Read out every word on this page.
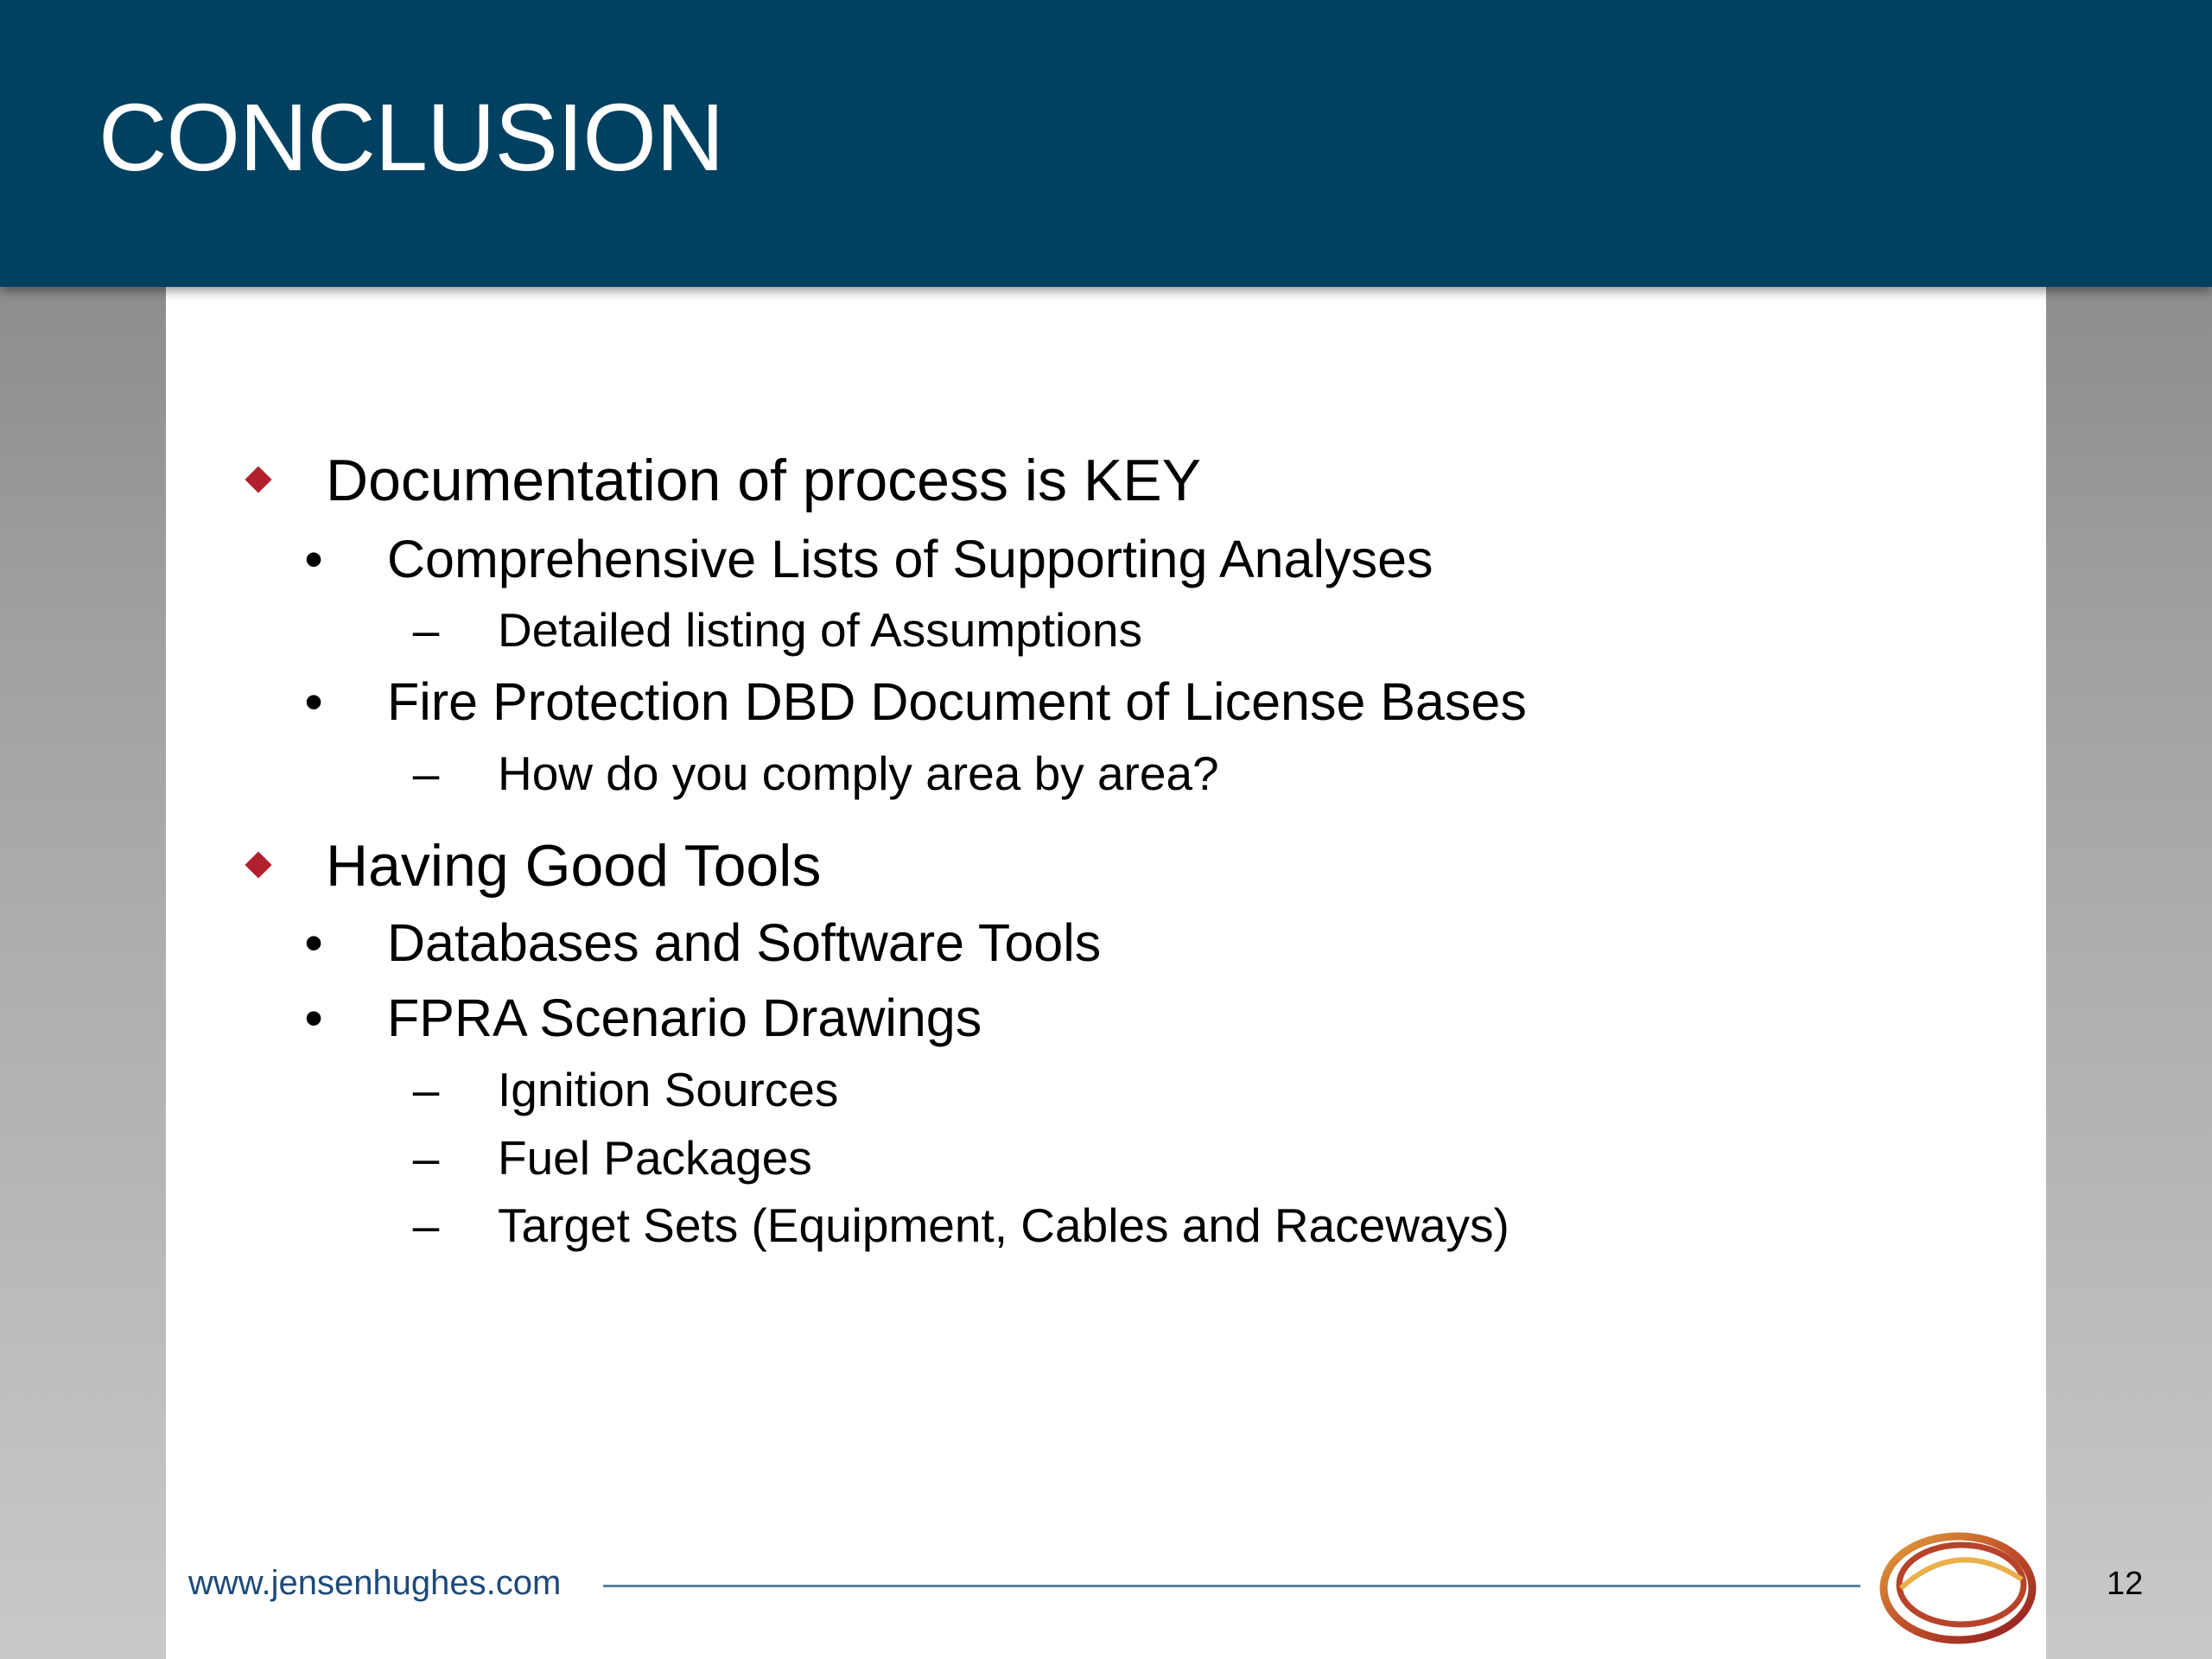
CONCLUSION
Documentation of process is KEY
• Comprehensive Lists of Supporting Analyses
– Detailed listing of Assumptions
• Fire Protection DBD Document of License Bases
– How do you comply area by area?
Having Good Tools
• Databases and Software Tools
• FPRA Scenario Drawings
– Ignition Sources
– Fuel Packages
– Target Sets (Equipment, Cables and Raceways)
www.jensenhughes.com	12
